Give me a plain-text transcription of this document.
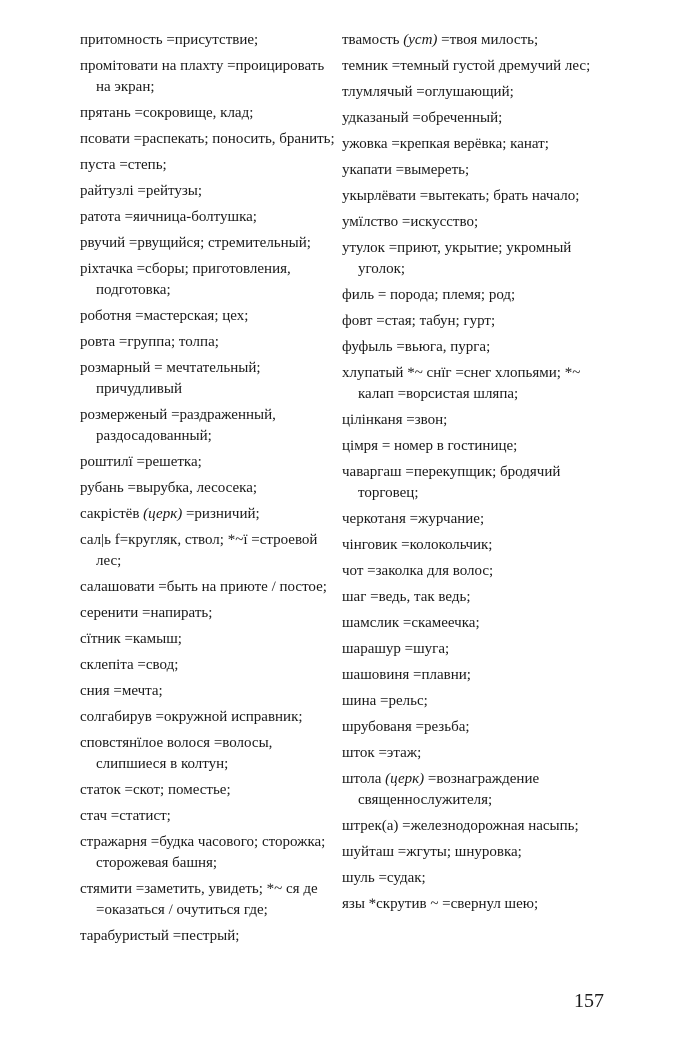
притомность =присутствие;
промітовати на плахту =проицировать на экран;
прятань =сокровище, клад;
псовати =распекать; поносить, бранить;
пуста =степь;
райтузлі =рейтузы;
ратота =яичница-болтушка;
рвучий =рвущийся; стремительный;
ріхтачка =сборы; приготовления, подготовка;
роботня =мастерская; цех;
ровта =группа; толпа;
розмарный = мечтательный; причудливый
розмерженый =раздраженный, раздосадованный;
роштилї =решетка;
рубань =вырубка, лесосека;
сакрістёв (церк) =ризничий;
сал|ь f=кругляк, ствол; *~ї =строевой лес;
салашовати =быть на приюте / постое;
серенити =напирать;
сїтник =камыш;
склепіта =свод;
сния =мечта;
солгабирув =окружной исправник;
сповстянїлое волося =волосы, слипшиеся в колтун;
статок =скот; поместье;
стач =статист;
стражарня =будка часового; сторожка; сторожевая башня;
стямити =заметить, увидеть; *~ ся де =оказаться / очутиться где;
тарабуристый =пестрый;
твамость (уст) =твоя милость;
темник =темный густой дремучий лес;
тлумлячый =оглушающий;
удказаный =обреченный;
ужовка =крепкая верёвка; канат;
укапати =вымереть;
укырлёвати =вытекать; брать начало;
умїлство =искусство;
утулок =приют, укрытие; укромный уголок;
филь = порода; племя; род;
фовт =стая; табун; гурт;
фуфыль =вьюга, пурга;
хлупатый *~ снїг =снег хлопьями; *~ калап =ворсистая шляпа;
цілінканя =звон;
цімря = номер в гостинице;
чаваргаш =перекупщик; бродячий торговец;
черкотаня =журчание;
чінговик =колокольчик;
чот =заколка для волос;
шаг =ведь, так ведь;
шамслик =скамеечка;
шарашур =шуга;
шашовиня =плавни;
шина =рельс;
шрубованя =резьба;
шток =этаж;
штола (церк) =вознаграждение священнослужителя;
штрек(а) =железнодорожная насыпь;
шуйташ =жгуты; шнуровка;
шуль =судак;
язы *скрутив ~ =свернул шею;
157
